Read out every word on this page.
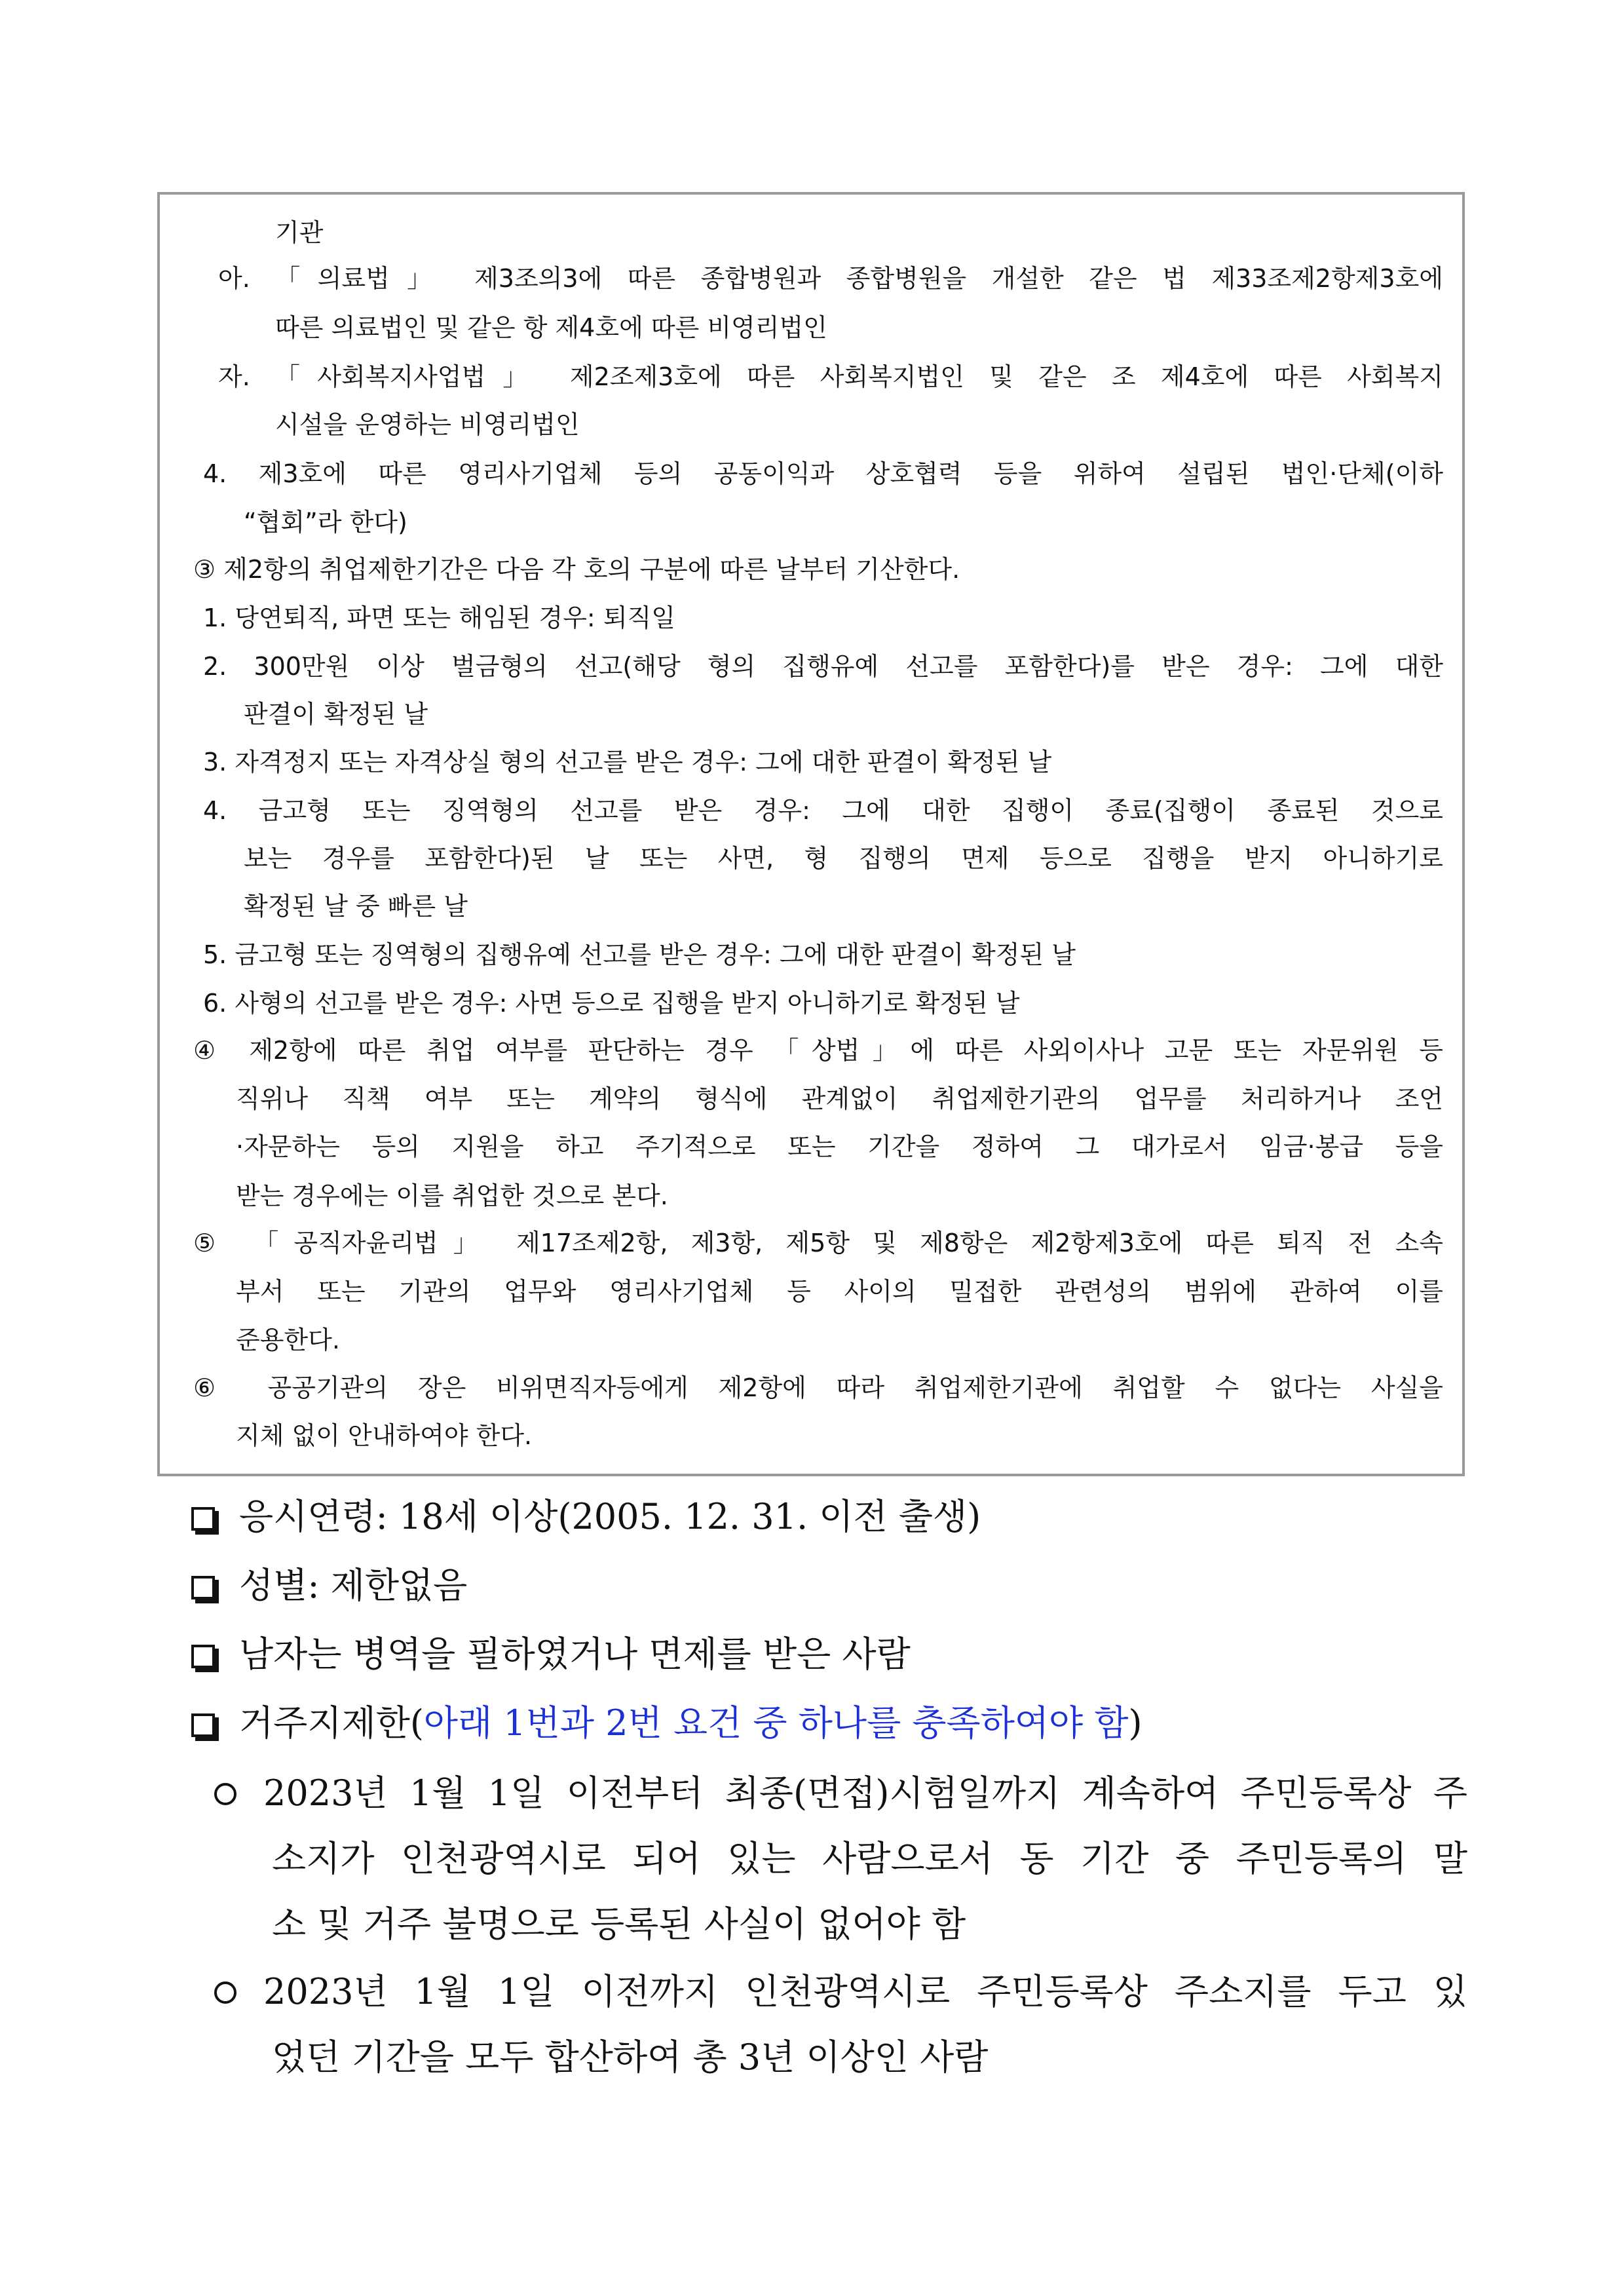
기관
아. 「의료법」 제3조의3에 따른 종합병원과 종합병원을 개설한 같은 법 제33조제2항제3호에
따른 의료법인 및 같은 항 제4호에 따른 비영리법인
자. 「사회복지사업법」 제2조제3호에 따른 사회복지법인 및 같은 조 제4호에 따른 사회복지
시설을 운영하는 비영리법인
4. 제3호에 따른 영리사기업체 등의 공동이익과 상호협력 등을 위하여 설립된 법인·단체(이하
“협회”라 한다)
③ 제2항의 취업제한기간은 다음 각 호의 구분에 따른 날부터 기산한다.
1. 당연퇴직, 파면 또는 해임된 경우: 퇴직일
2. 300만원 이상 벌금형의 선고(해당 형의 집행유예 선고를 포함한다)를 받은 경우: 그에 대한
판결이 확정된 날
3. 자격정지 또는 자격상실 형의 선고를 받은 경우: 그에 대한 판결이 확정된 날
4. 금고형 또는 징역형의 선고를 받은 경우: 그에 대한 집행이 종료(집행이 종료된 것으로
보는 경우를 포함한다)된 날 또는 사면, 형 집행의 면제 등으로 집행을 받지 아니하기로
확정된 날 중 빠른 날
5. 금고형 또는 징역형의 집행유예 선고를 받은 경우: 그에 대한 판결이 확정된 날
6. 사형의 선고를 받은 경우: 사면 등으로 집행을 받지 아니하기로 확정된 날
④ 제2항에 따른 취업 여부를 판단하는 경우 「상법」에 따른 사외이사나 고문 또는 자문위원 등
직위나 직책 여부 또는 계약의 형식에 관계없이 취업제한기관의 업무를 처리하거나 조언
·자문하는 등의 지원을 하고 주기적으로 또는 기간을 정하여 그 대가로서 임금·봉급 등을
받는 경우에는 이를 취업한 것으로 본다.
⑤ 「공직자윤리법」 제17조제2항, 제3항, 제5항 및 제8항은 제2항제3호에 따른 퇴직 전 소속
부서 또는 기관의 업무와 영리사기업체 등 사이의 밀접한 관련성의 범위에 관하여 이를
준용한다.
⑥ 공공기관의 장은 비위면직자등에게 제2항에 따라 취업제한기관에 취업할 수 없다는 사실을
지체 없이 안내하여야 한다.
응시연령: 18세 이상(2005. 12. 31. 이전 출생)
성별: 제한없음
남자는 병역을 필하였거나 면제를 받은 사람
거주지제한(아래 1번과 2번 요건 중 하나를 충족하여야 함)
2023년 1월 1일 이전부터 최종(면접)시험일까지 계속하여 주민등록상 주
소지가 인천광역시로 되어 있는 사람으로서 동 기간 중 주민등록의 말
소 및 거주 불명으로 등록된 사실이 없어야 함
2023년 1월 1일 이전까지 인천광역시로 주민등록상 주소지를 두고 있
었던 기간을 모두 합산하여 총 3년 이상인 사람
